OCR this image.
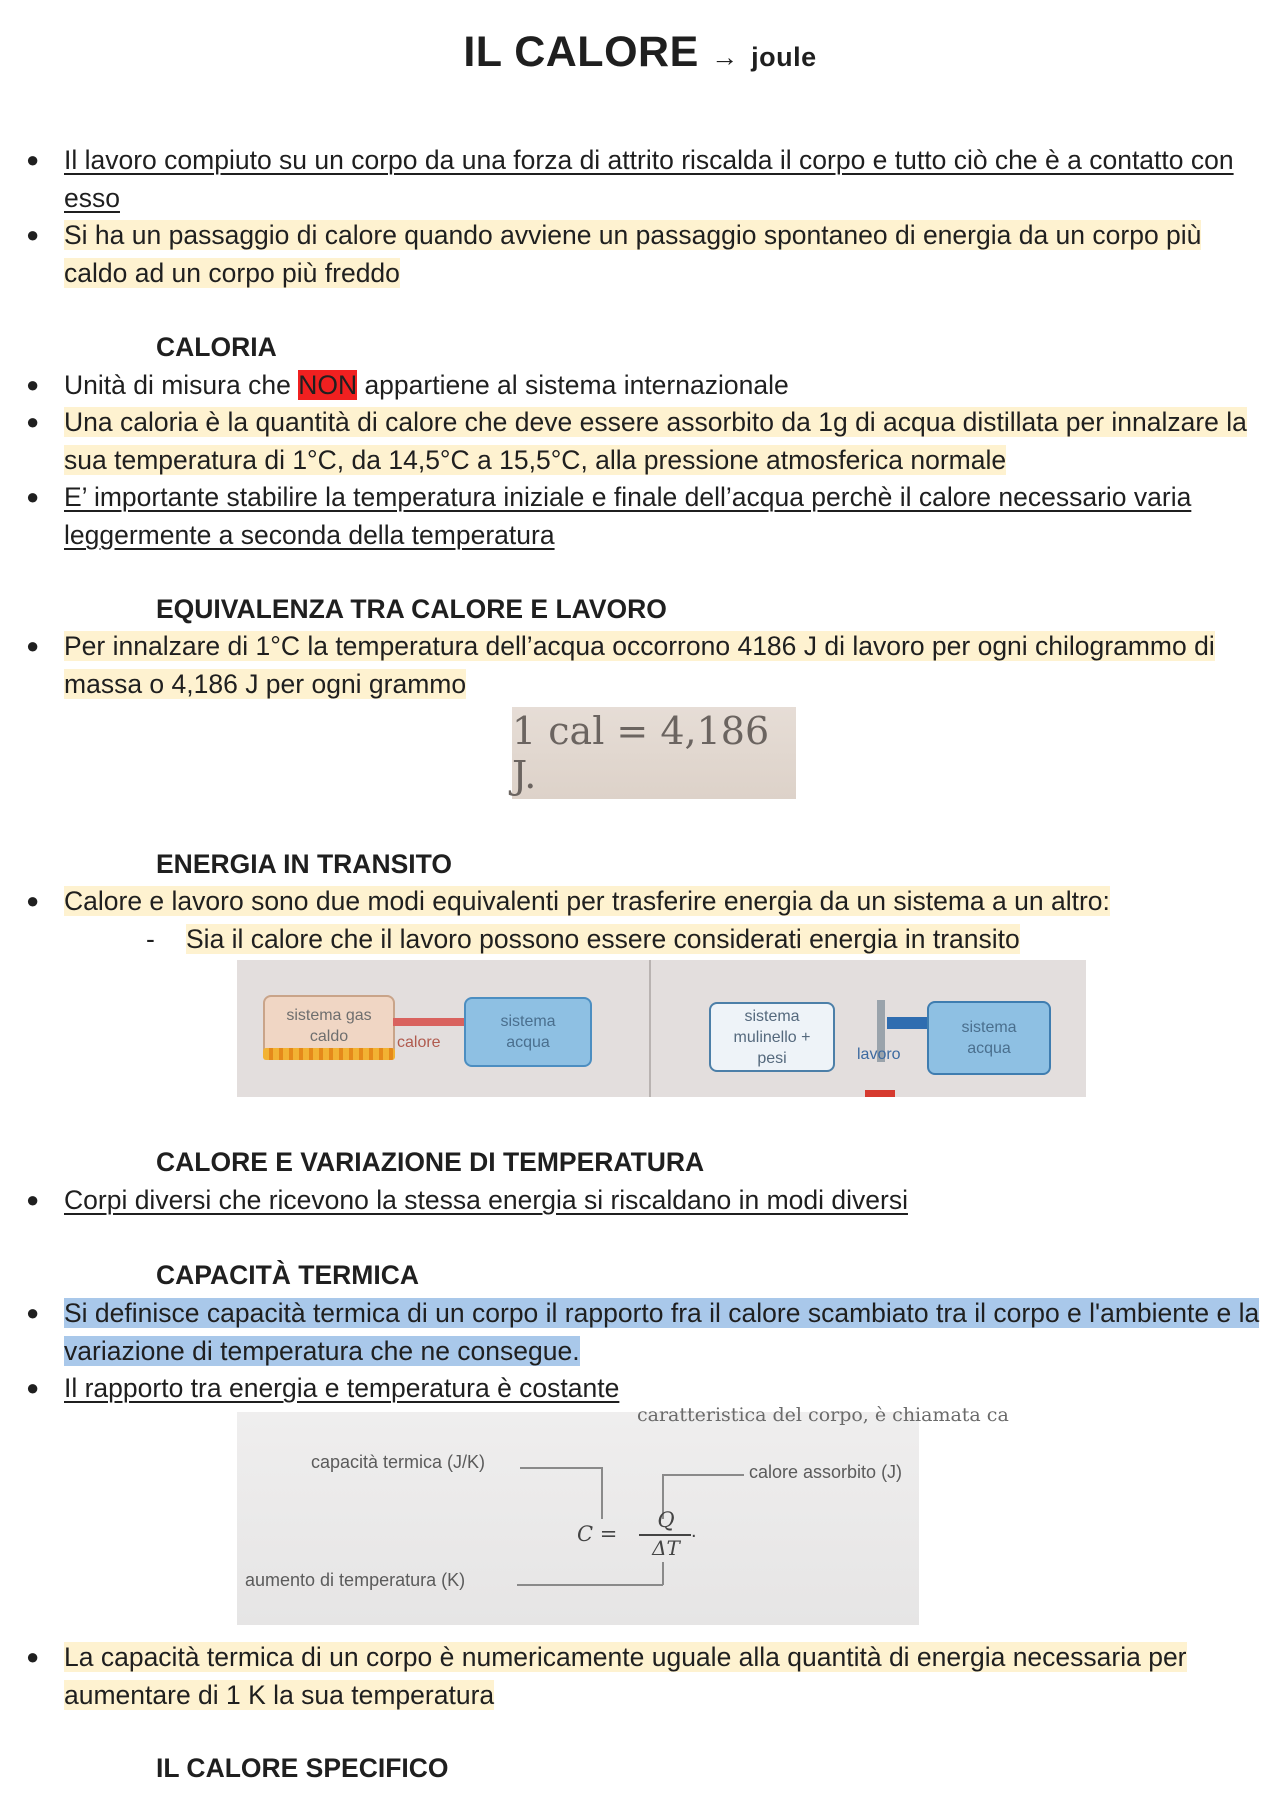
IL CALORE → joule
● Il lavoro compiuto su un corpo da una forza di attrito riscalda il corpo e tutto ciò che è a contatto con esso
● Si ha un passaggio di calore quando avviene un passaggio spontaneo di energia da un corpo più caldo ad un corpo più freddo
CALORIA
● Unità di misura che NON appartiene al sistema internazionale
● Una caloria è la quantità di calore che deve essere assorbito da 1g di acqua distillata per innalzare la sua temperatura di 1°C, da 14,5°C a 15,5°C, alla pressione atmosferica normale
● E’ importante stabilire la temperatura iniziale e finale dell’acqua perchè il calore necessario varia leggermente a seconda della temperatura
EQUIVALENZA TRA CALORE E LAVORO
● Per innalzare di 1°C la temperatura dell’acqua occorrono 4186 J di lavoro per ogni chilogrammo di massa o 4,186 J per ogni grammo
1 cal = 4,186 J.
ENERGIA IN TRANSITO
● Calore e lavoro sono due modi equivalenti per trasferire energia da un sistema a un altro:
- Sia il calore che il lavoro possono essere considerati energia in transito
sistema gas caldo	calore
sistema acqua
sistema mulinello + pesi	lavoro
sistema acqua
CALORE E VARIAZIONE DI TEMPERATURA
● Corpi diversi che ricevono la stessa energia si riscaldano in modi diversi
CAPACITÀ TERMICA
● Si definisce capacità termica di un corpo il rapporto fra il calore scambiato tra il corpo e l'ambiente e la variazione di temperatura che ne consegue.
● Il rapporto tra energia e temperatura è costante
caratteristica del corpo, è chiamata ca
capacità termica (J/K)	calore assorbito (J)
C =
Q
ΔT
.
aumento di temperatura (K)
● La capacità termica di un corpo è numericamente uguale alla quantità di energia necessaria per aumentare di 1 K la sua temperatura
IL CALORE SPECIFICO
